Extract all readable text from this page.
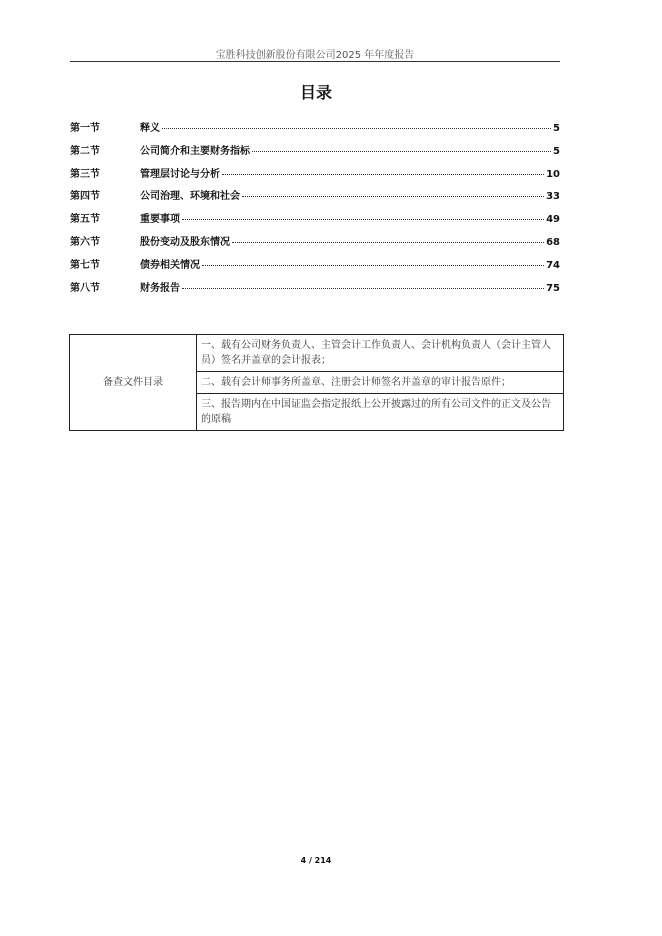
宝胜科技创新股份有限公司2025 年年度报告
目录
第一节	释义	5
第二节	公司简介和主要财务指标	5
第三节	管理层讨论与分析	10
第四节	公司治理、环境和社会	33
第五节	重要事项	49
第六节	股份变动及股东情况	68
第七节	债券相关情况	74
第八节	财务报告	75
备查文件目录	一、载有公司财务负责人、主管会计工作负责人、会计机构负责人（会计主管人员）签名并盖章的会计报表；
二、载有会计师事务所盖章、注册会计师签名并盖章的审计报告原件；
三、报告期内在中国证监会指定报纸上公开披露过的所有公司文件的正文及公告的原稿
4 / 214
